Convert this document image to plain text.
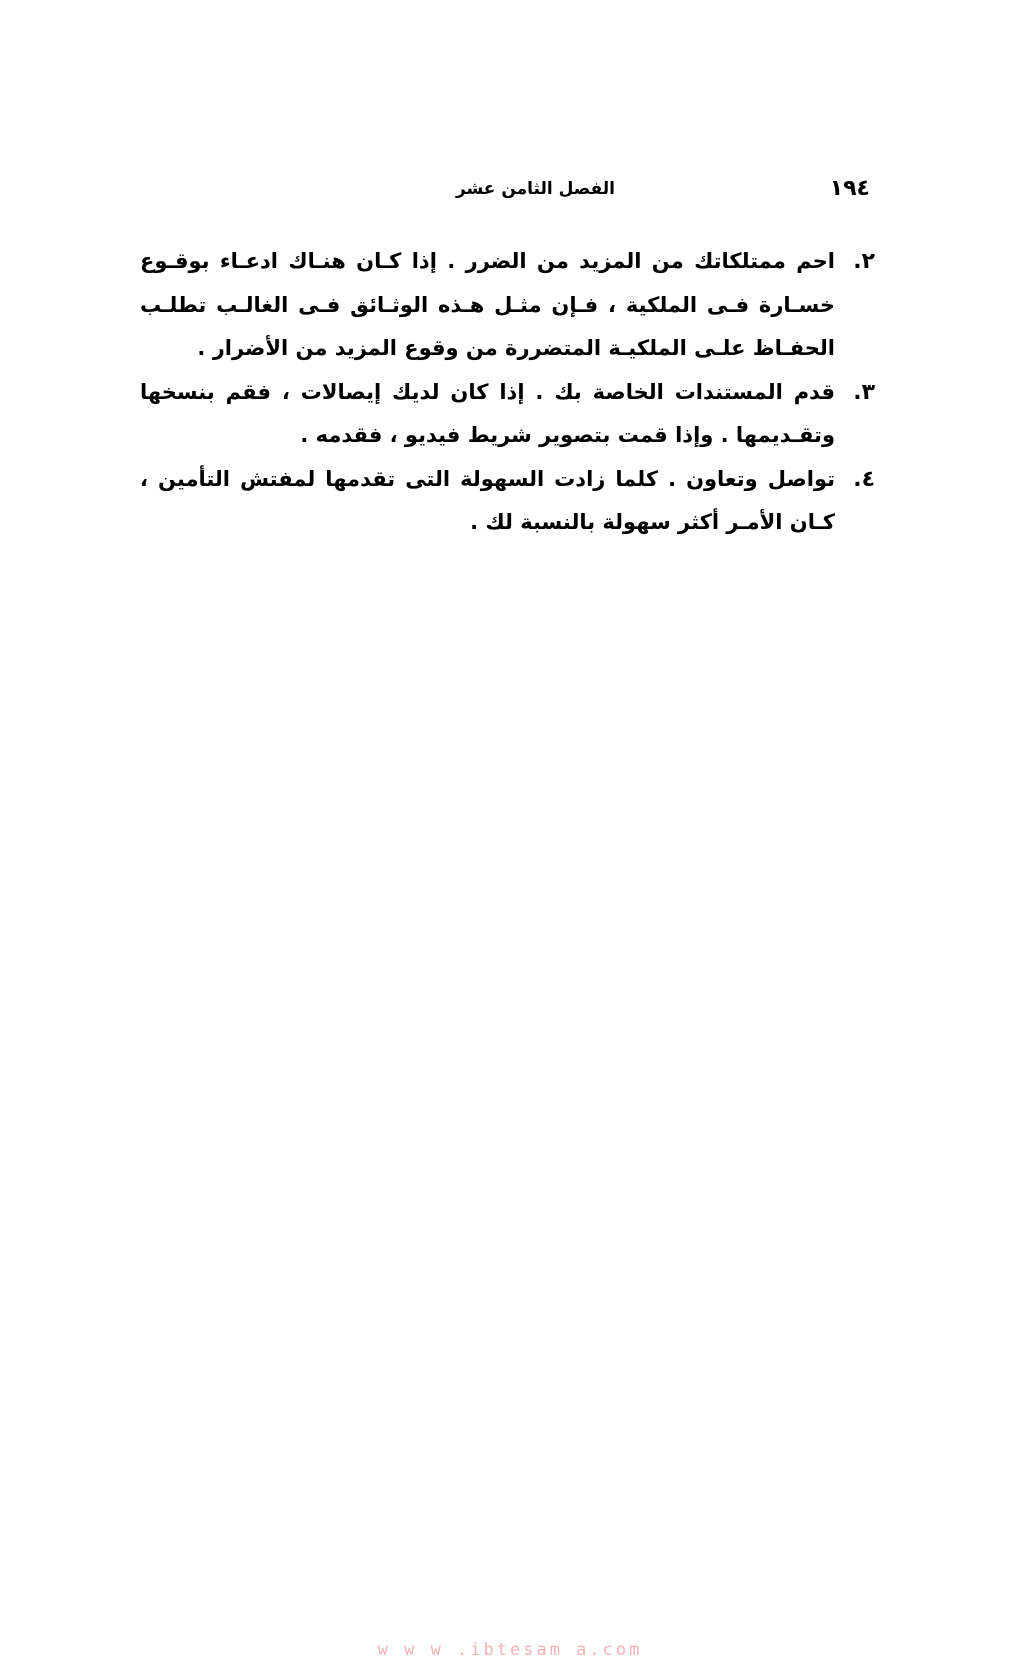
١٩٤
الفصل الثامن عشر
٢.
احم ممتلكاتك من المزيد من الضرر . إذا كـان هنـاك ادعـاء بوقـوع خسـارة فـى الملكية ، فـإن مثـل هـذه الوثـائق فـى الغالـب تطلـب الحفـاظ علـى الملكيـة المتضررة من وقوع المزيد من الأضرار .
٣.
قدم المستندات الخاصة بك . إذا كان لديك إيصالات ، فقم بنسخها وتقـديمها . وإذا قمت بتصوير شريط فيديو ، فقدمه .
٤.
تواصل وتعاون . كلما زادت السهولة التى تقدمها لمفتش التأمين ، كـان الأمـر أكثر سهولة بالنسبة لك .
w w w .ibtesam a.com
